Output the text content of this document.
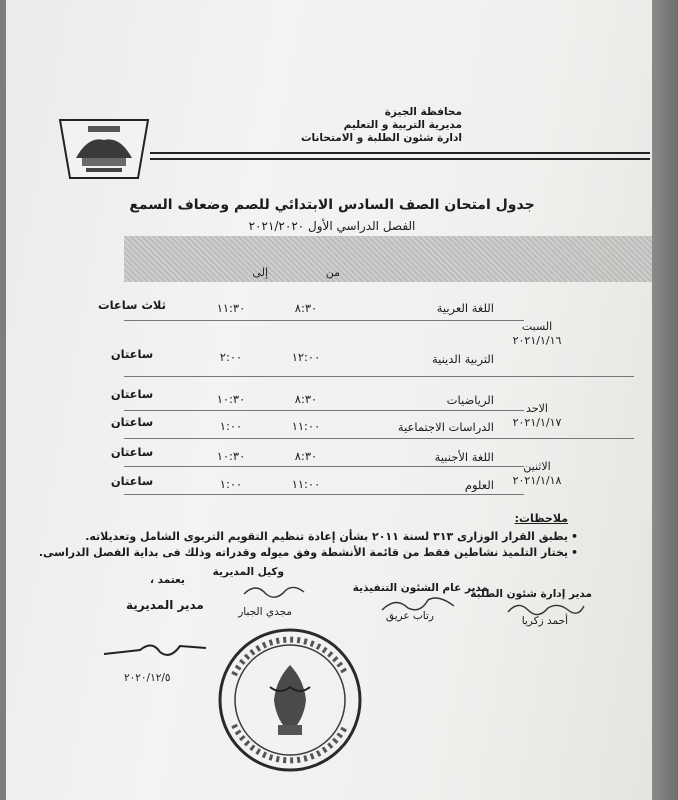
محافظة الجيزة
مديرية التربية و التعليم
ادارة شئون الطلبة و الامتحانات
جدول امتحان الصف السادس الابتدائي للصم وضعاف السمع
الفصل الدراسي الأول ٢٠٢١/٢٠٢٠
من
إلى
اللغة العربية
٨:٣٠
١١:٣٠
ثلاث ساعات
التربية الدينية
١٢:٠٠
٢:٠٠
ساعتان
الرياضيات
٨:٣٠
١٠:٣٠
ساعتان
الدراسات الاجتماعية
١١:٠٠
١:٠٠
ساعتان
اللغة الأجنبية
٨:٣٠
١٠:٣٠
ساعتان
العلوم
١١:٠٠
١:٠٠
ساعتان
السبت
٢٠٢١/١/١٦
الاحد
٢٠٢١/١/١٧
الاثنين
٢٠٢١/١/١٨
ملاحظات:
• يطبق القرار الوزارى ٣١٣ لسنة ٢٠١١ بشأن إعادة تنظيم التقويم التربوى الشامل وتعديلاته.
• يختار التلميذ نشاطين فقط من قائمة الأنشطة وفق ميوله وقدراته وذلك فى بداية الفصل الدراسى.
مدير إدارة شئون الطلبة
أحمد زكريا
مدير عام الشئون التنفيذية
رتاب عريق
وكيل المديرية
مجدي الجبار
يعتمد ،
مدير المديرية
٢٠٢٠/١٢/٥
